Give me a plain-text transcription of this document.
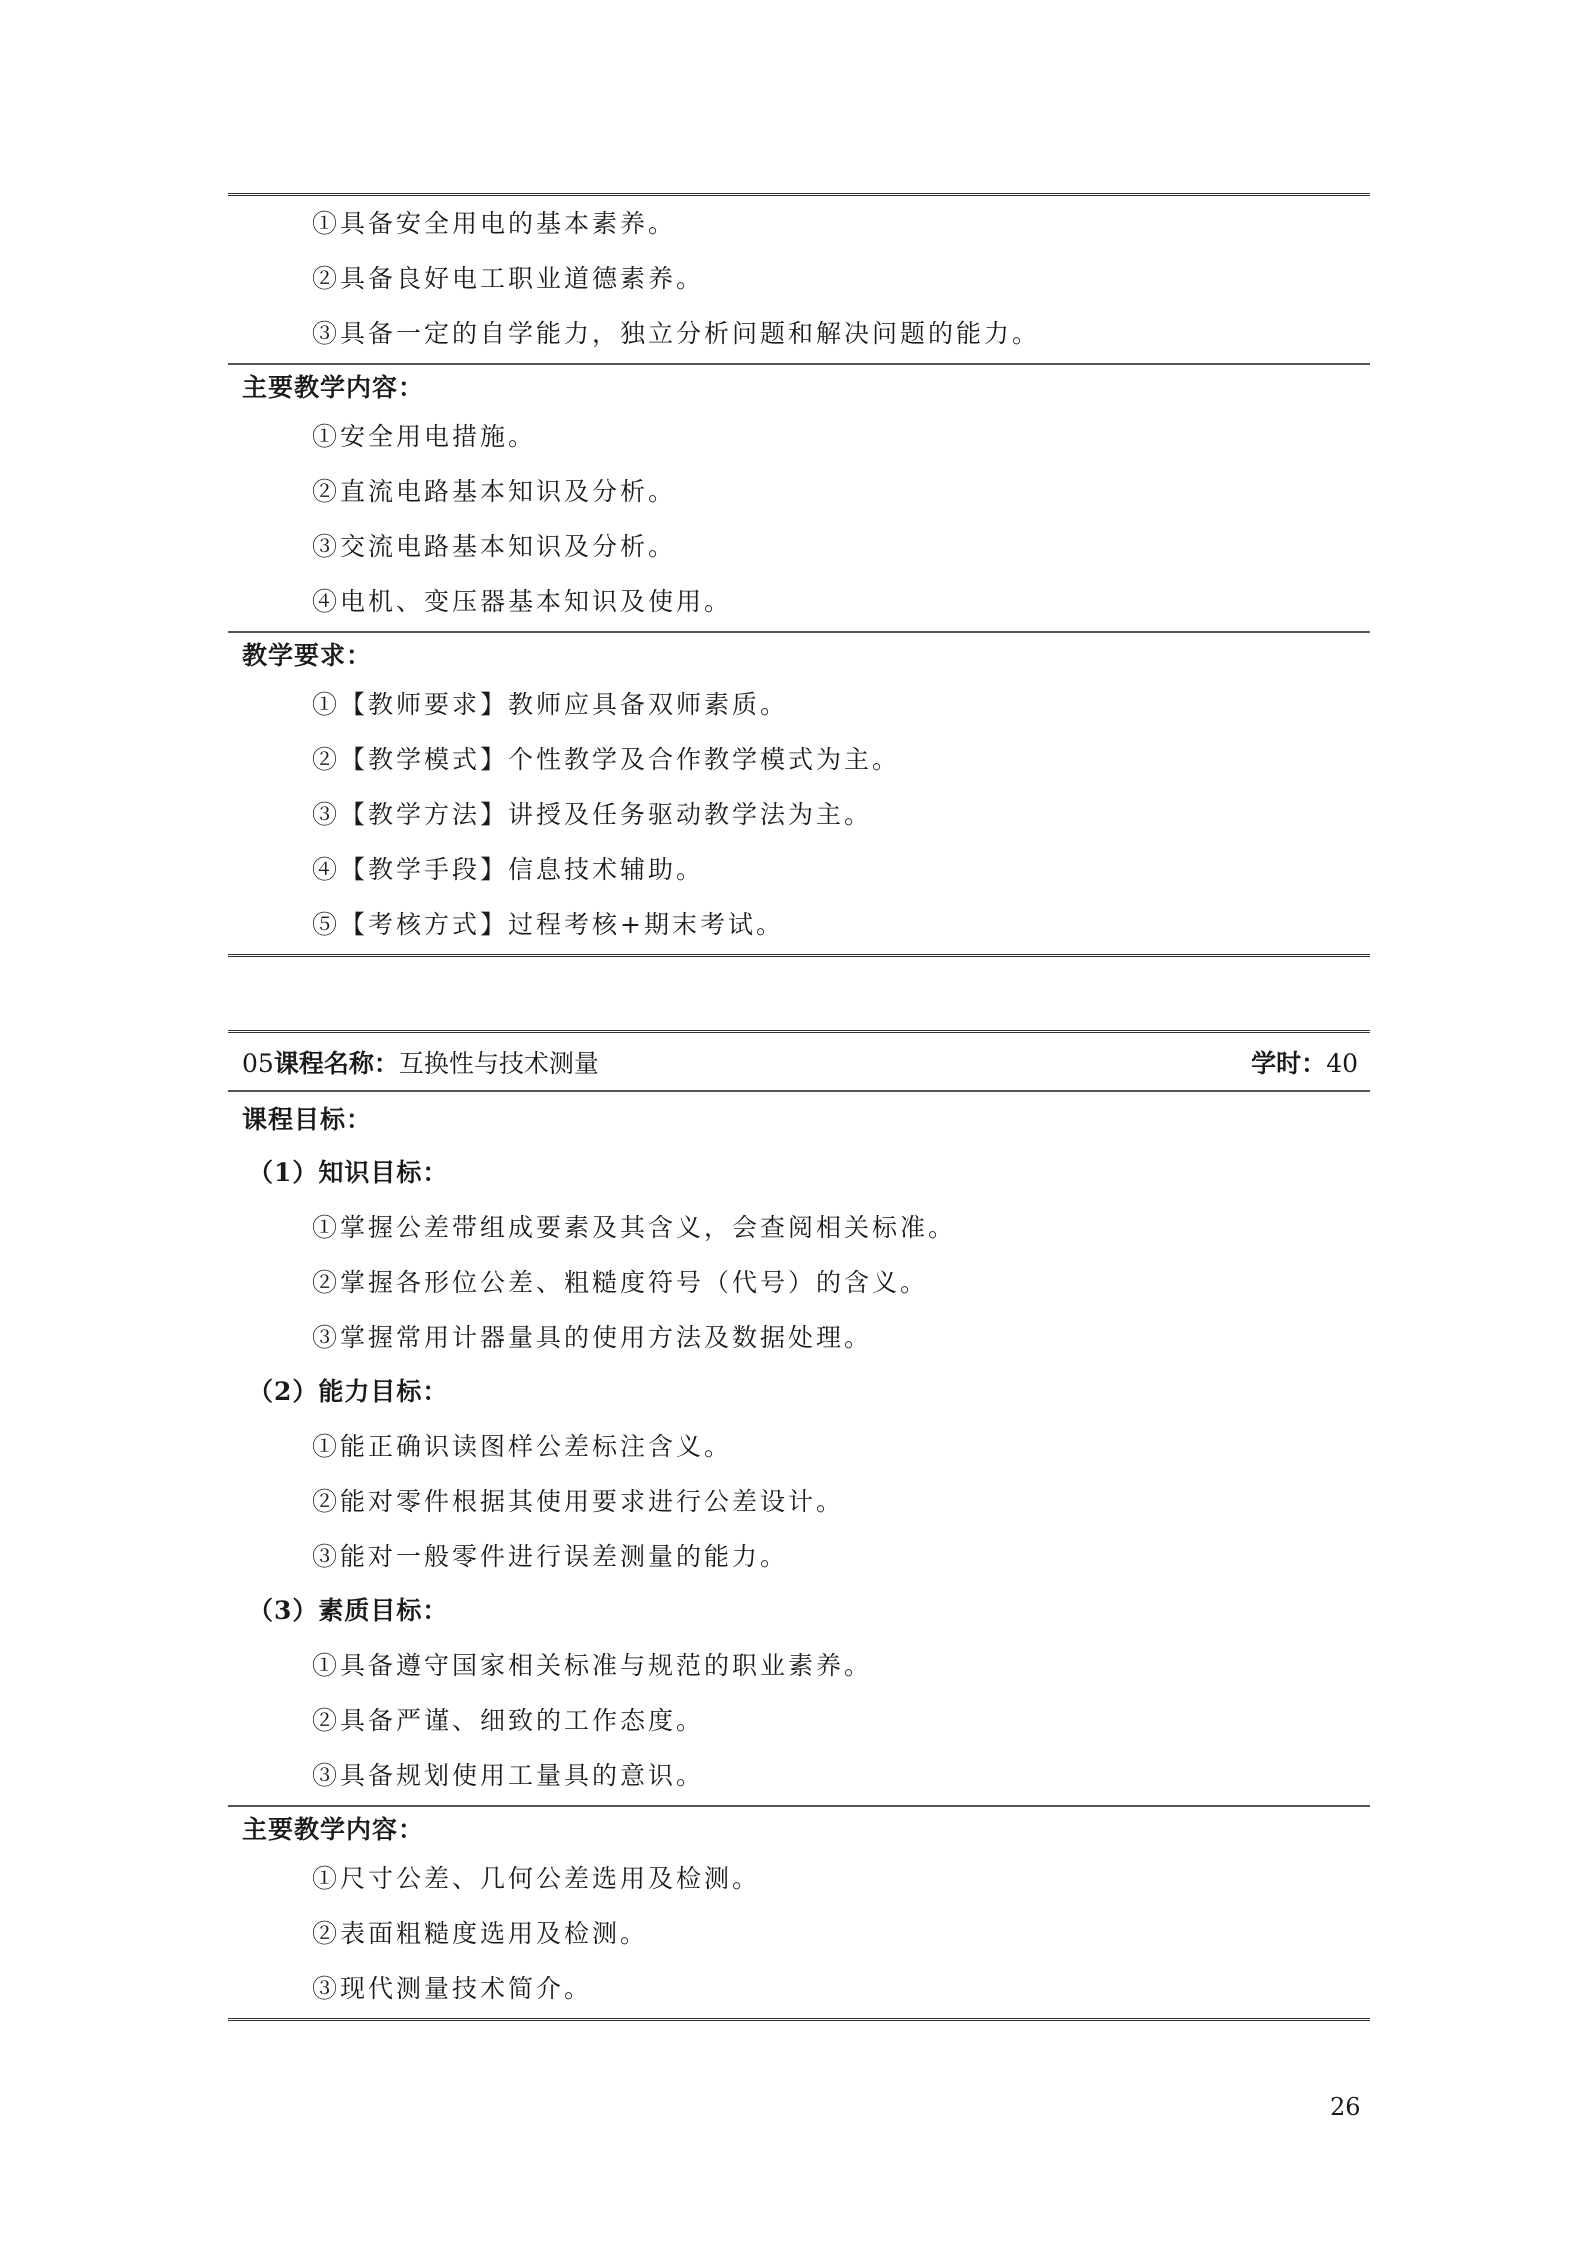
①具备安全用电的基本素养。
②具备良好电工职业道德素养。
③具备一定的自学能力，独立分析问题和解决问题的能力。
主要教学内容：
①安全用电措施。
②直流电路基本知识及分析。
③交流电路基本知识及分析。
④电机、变压器基本知识及使用。
教学要求：
①【教师要求】教师应具备双师素质。
②【教学模式】个性教学及合作教学模式为主。
③【教学方法】讲授及任务驱动教学法为主。
④【教学手段】信息技术辅助。
⑤【考核方式】过程考核+期末考试。
05课程名称：互换性与技术测量	学时：40
课程目标：
（1）知识目标：
①掌握公差带组成要素及其含义，会查阅相关标准。
②掌握各形位公差、粗糙度符号（代号）的含义。
③掌握常用计器量具的使用方法及数据处理。
（2）能力目标：
①能正确识读图样公差标注含义。
②能对零件根据其使用要求进行公差设计。
③能对一般零件进行误差测量的能力。
（3）素质目标：
①具备遵守国家相关标准与规范的职业素养。
②具备严谨、细致的工作态度。
③具备规划使用工量具的意识。
主要教学内容：
①尺寸公差、几何公差选用及检测。
②表面粗糙度选用及检测。
③现代测量技术简介。
26
